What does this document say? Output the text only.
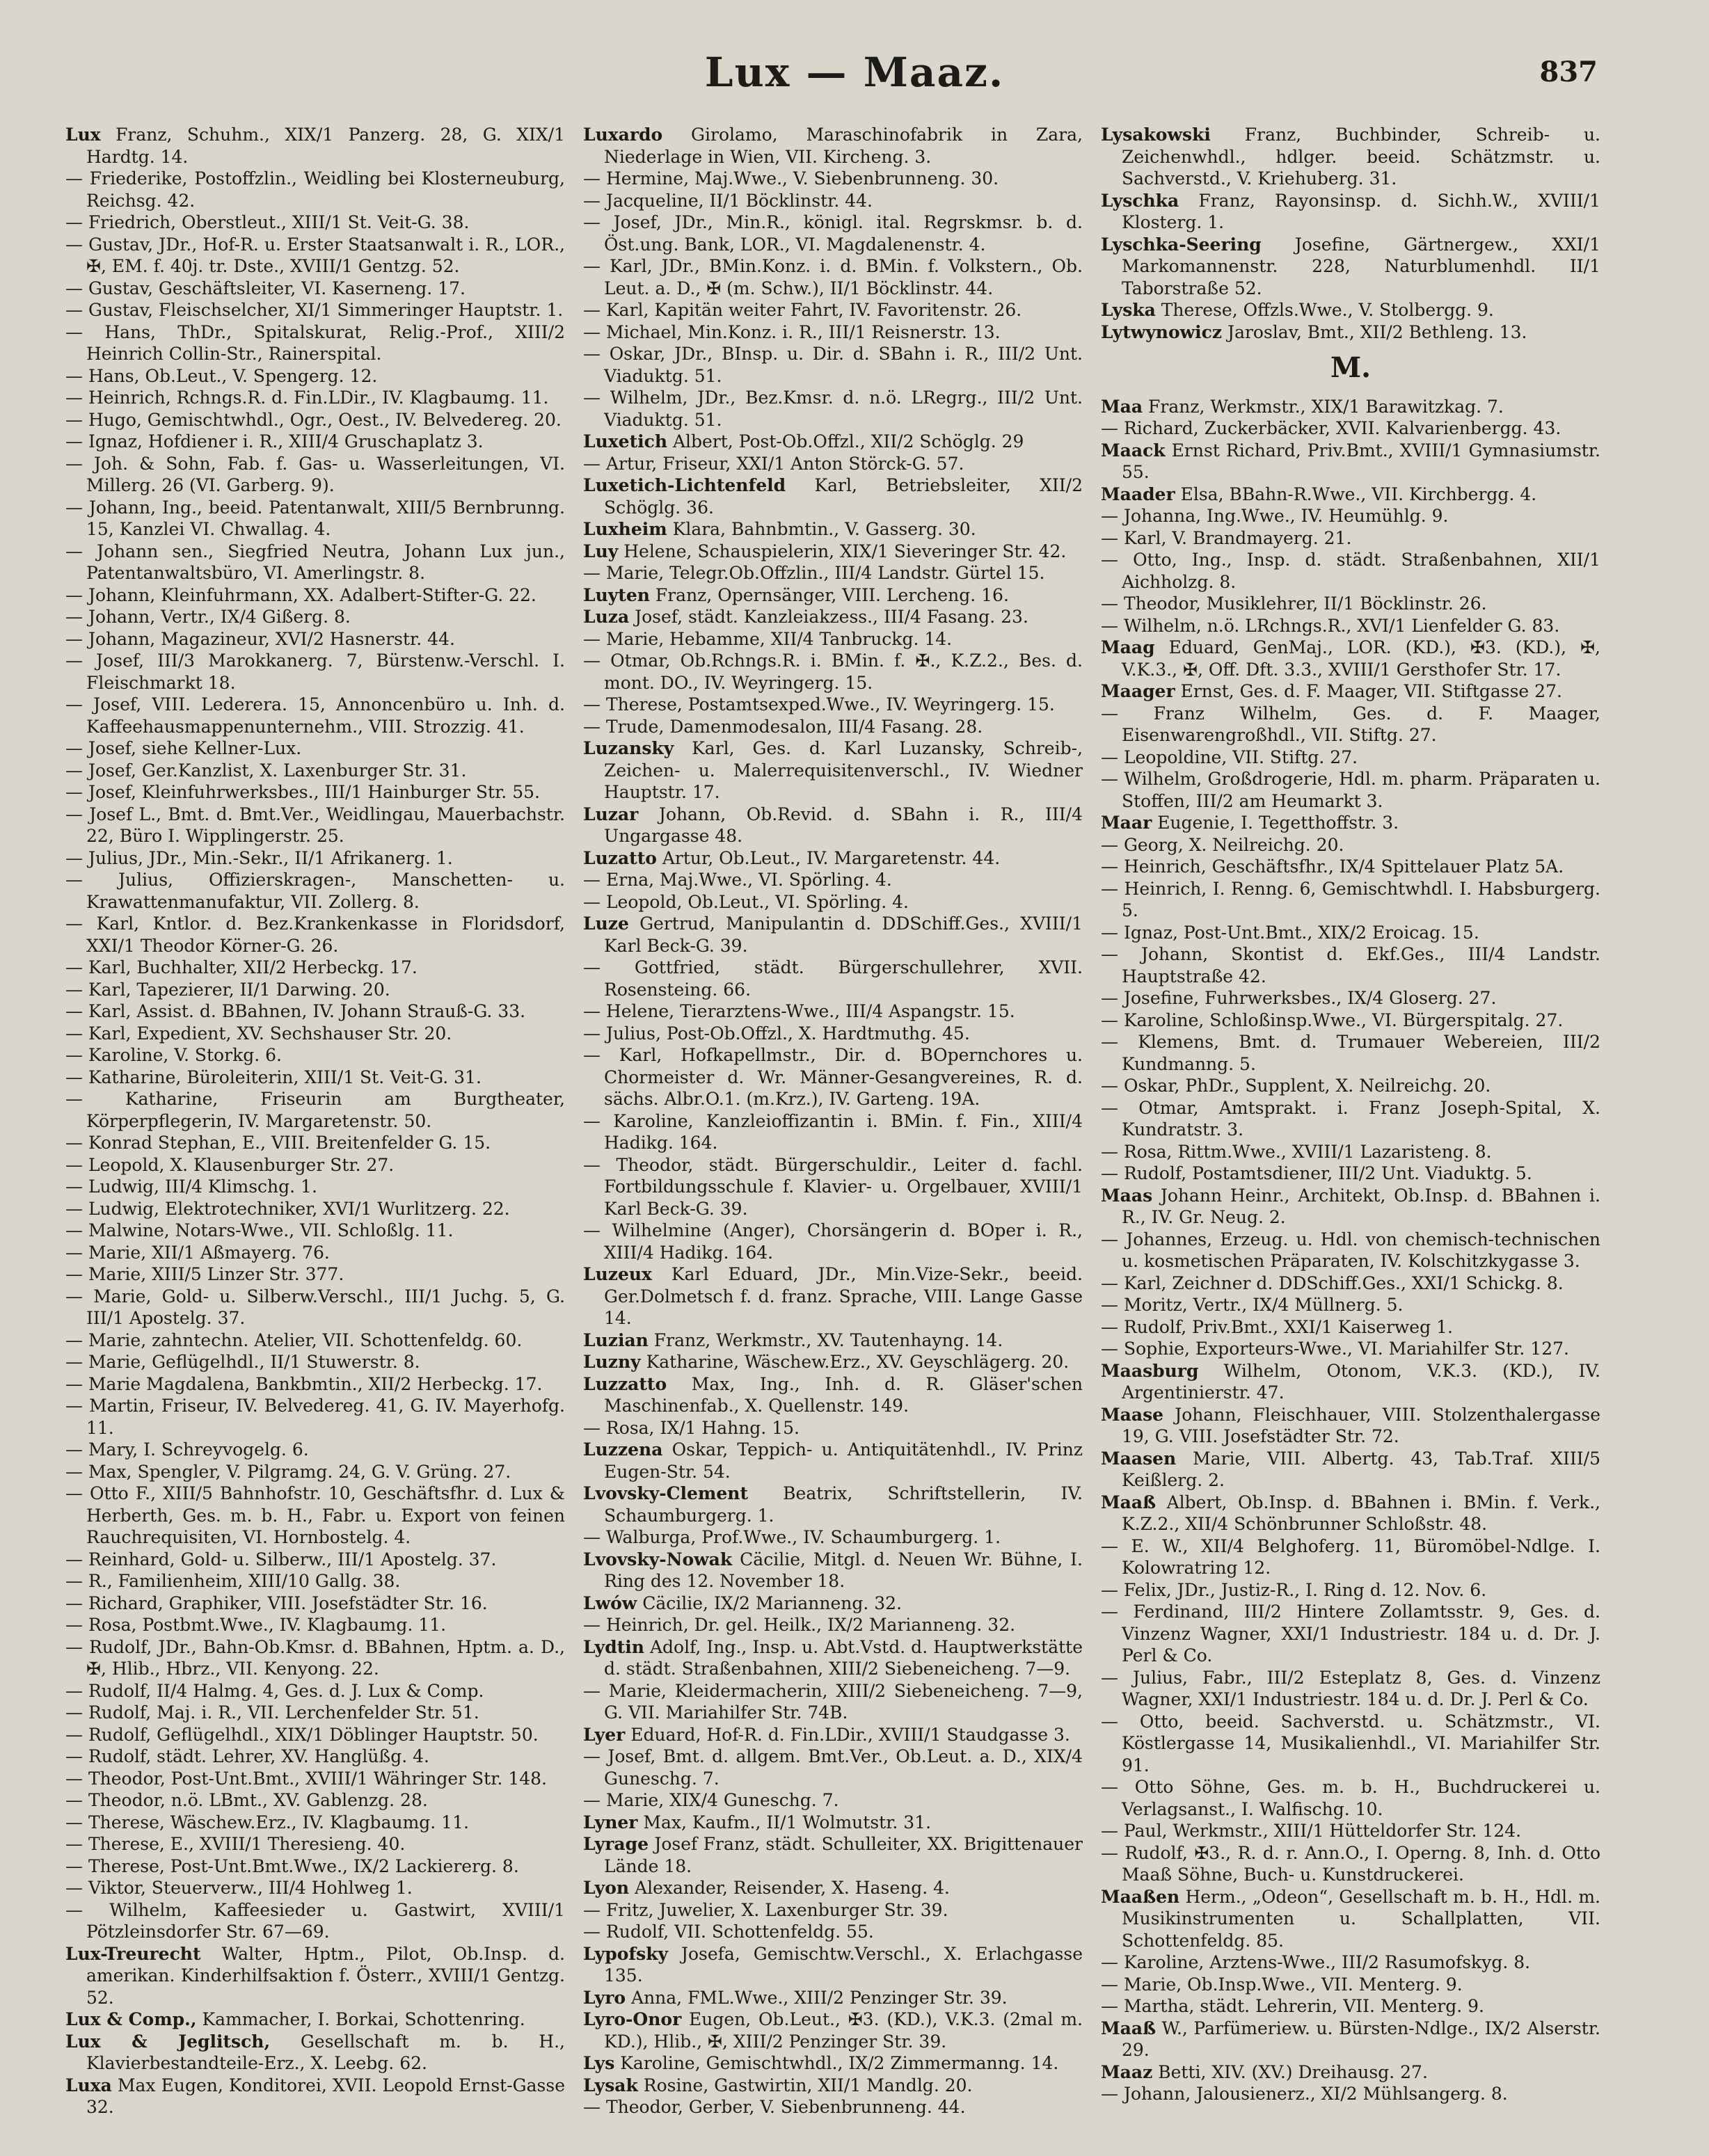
Lux — Maaz.	837

Lux Franz, Schuhm., XIX/1 Panzerg. 28, G. XIX/1 Hardtg. 14.

— Friederike, Postoffzlin., Weidling bei Klosterneuburg, Reichsg. 42.

— Friedrich, Oberstleut., XIII/1 St. Veit-G. 38.

— Gustav, JDr., Hof-R. u. Erster Staatsanwalt i. R., LOR., ✠, EM. f. 40j. tr. Dste., XVIII/1 Gentzg. 52.

— Gustav, Geschäftsleiter, VI. Kaserneng. 17.

— Gustav, Fleischselcher, XI/1 Simmeringer Hauptstr. 1.

— Hans, ThDr., Spitalskurat, Relig.-Prof., XIII/2 Heinrich Collin-Str., Rainerspital.

— Hans, Ob.Leut., V. Spengerg. 12.

— Heinrich, Rchngs.R. d. Fin.LDir., IV. Klagbaumg. 11.

— Hugo, Gemischtwhdl., Ogr., Oest., IV. Belvedereg. 20.

— Ignaz, Hofdiener i. R., XIII/4 Gruschaplatz 3.

— Joh. & Sohn, Fab. f. Gas- u. Wasserleitungen, VI. Millerg. 26 (VI. Garberg. 9).

— Johann, Ing., beeid. Patentanwalt, XIII/5 Bernbrunng. 15, Kanzlei VI. Chwallag. 4.

— Johann sen., Siegfried Neutra, Johann Lux jun., Patentanwaltsbüro, VI. Amerlingstr. 8.

— Johann, Kleinfuhrmann, XX. Adalbert-Stifter-G. 22.

— Johann, Vertr., IX/4 Gißerg. 8.

— Johann, Magazineur, XVI/2 Hasnerstr. 44.

— Josef, III/3 Marokkanerg. 7, Bürstenw.-Verschl. I. Fleischmarkt 18.

— Josef, VIII. Lederera. 15, Annoncenbüro u. Inh. d. Kaffeehausmappenunternehm., VIII. Strozzig. 41.

— Josef, siehe Kellner-Lux.

— Josef, Ger.Kanzlist, X. Laxenburger Str. 31.

— Josef, Kleinfuhrwerksbes., III/1 Hainburger Str. 55.

— Josef L., Bmt. d. Bmt.Ver., Weidlingau, Mauerbachstr. 22, Büro I. Wipplingerstr. 25.

— Julius, JDr., Min.-Sekr., II/1 Afrikanerg. 1.

— Julius, Offizierskragen-, Manschetten- u. Krawattenmanufaktur, VII. Zollerg. 8.

— Karl, Kntlor. d. Bez.Krankenkasse in Floridsdorf, XXI/1 Theodor Körner-G. 26.

— Karl, Buchhalter, XII/2 Herbeckg. 17.

— Karl, Tapezierer, II/1 Darwing. 20.

— Karl, Assist. d. BBahnen, IV. Johann Strauß-G. 33.

— Karl, Expedient, XV. Sechshauser Str. 20.

— Karoline, V. Storkg. 6.

— Katharine, Büroleiterin, XIII/1 St. Veit-G. 31.

— Katharine, Friseurin am Burgtheater, Körperpflegerin, IV. Margaretenstr. 50.

— Konrad Stephan, E., VIII. Breitenfelder G. 15.

— Leopold, X. Klausenburger Str. 27.

— Ludwig, III/4 Klimschg. 1.

— Ludwig, Elektrotechniker, XVI/1 Wurlitzerg. 22.

— Malwine, Notars-Wwe., VII. Schloßlg. 11.

— Marie, XII/1 Aßmayerg. 76.

— Marie, XIII/5 Linzer Str. 377.

— Marie, Gold- u. Silberw.Verschl., III/1 Juchg. 5, G. III/1 Apostelg. 37.

— Marie, zahntechn. Atelier, VII. Schottenfeldg. 60.

— Marie, Geflügelhdl., II/1 Stuwerstr. 8.

— Marie Magdalena, Bankbmtin., XII/2 Herbeckg. 17.

— Martin, Friseur, IV. Belvedereg. 41, G. IV. Mayerhofg. 11.

— Mary, I. Schreyvogelg. 6.

— Max, Spengler, V. Pilgramg. 24, G. V. Grüng. 27.

— Otto F., XIII/5 Bahnhofstr. 10, Geschäftsfhr. d. Lux & Herberth, Ges. m. b. H., Fabr. u. Export von feinen Rauchrequisiten, VI. Hornbostelg. 4.

— Reinhard, Gold- u. Silberw., III/1 Apostelg. 37.

— R., Familienheim, XIII/10 Gallg. 38.

— Richard, Graphiker, VIII. Josefstädter Str. 16.

— Rosa, Postbmt.Wwe., IV. Klagbaumg. 11.

— Rudolf, JDr., Bahn-Ob.Kmsr. d. BBahnen, Hptm. a. D., ✠, Hlib., Hbrz., VII. Kenyong. 22.

— Rudolf, II/4 Halmg. 4, Ges. d. J. Lux & Comp.

— Rudolf, Maj. i. R., VII. Lerchenfelder Str. 51.

— Rudolf, Geflügelhdl., XIX/1 Döblinger Hauptstr. 50.

— Rudolf, städt. Lehrer, XV. Hanglüßg. 4.

— Theodor, Post-Unt.Bmt., XVIII/1 Währinger Str. 148.

— Theodor, n.ö. LBmt., XV. Gablenzg. 28.

— Therese, Wäschew.Erz., IV. Klagbaumg. 11.

— Therese, E., XVIII/1 Theresieng. 40.

— Therese, Post-Unt.Bmt.Wwe., IX/2 Lackiererg. 8.

— Viktor, Steuerverw., III/4 Hohlweg 1.

— Wilhelm, Kaffeesieder u. Gastwirt, XVIII/1 Pötzleinsdorfer Str. 67—69.

Lux-Treurecht Walter, Hptm., Pilot, Ob.Insp. d. amerikan. Kinderhilfsaktion f. Österr., XVIII/1 Gentzg. 52.

Lux & Comp., Kammacher, I. Borkai, Schottenring.

Lux & Jeglitsch, Gesellschaft m. b. H., Klavierbestandteile-Erz., X. Leebg. 62.

Luxa Max Eugen, Konditorei, XVII. Leopold Ernst-Gasse 32.

Luxardo Girolamo, Maraschinofabrik in Zara, Niederlage in Wien, VII. Kircheng. 3.

— Hermine, Maj.Wwe., V. Siebenbrunneng. 30.

— Jacqueline, II/1 Böcklinstr. 44.

— Josef, JDr., Min.R., königl. ital. Regrskmsr. b. d. Öst.ung. Bank, LOR., VI. Magdalenenstr. 4.

— Karl, JDr., BMin.Konz. i. d. BMin. f. Volkstern., Ob. Leut. a. D., ✠ (m. Schw.), II/1 Böcklinstr. 44.

— Karl, Kapitän weiter Fahrt, IV. Favoritenstr. 26.

— Michael, Min.Konz. i. R., III/1 Reisnerstr. 13.

— Oskar, JDr., BInsp. u. Dir. d. SBahn i. R., III/2 Unt. Viaduktg. 51.

— Wilhelm, JDr., Bez.Kmsr. d. n.ö. LRegrg., III/2 Unt. Viaduktg. 51.

Luxetich Albert, Post-Ob.Offzl., XII/2 Schöglg. 29

— Artur, Friseur, XXI/1 Anton Störck-G. 57.

Luxetich-Lichtenfeld Karl, Betriebsleiter, XII/2 Schöglg. 36.

Luxheim Klara, Bahnbmtin., V. Gasserg. 30.

Luy Helene, Schauspielerin, XIX/1 Sieveringer Str. 42.

— Marie, Telegr.Ob.Offzlin., III/4 Landstr. Gürtel 15.

Luyten Franz, Opernsänger, VIII. Lercheng. 16.

Luza Josef, städt. Kanzleiakzess., III/4 Fasang. 23.

— Marie, Hebamme, XII/4 Tanbruckg. 14.

— Otmar, Ob.Rchngs.R. i. BMin. f. ✠., K.Z.2., Bes. d. mont. DO., IV. Weyringerg. 15.

— Therese, Postamtsexped.Wwe., IV. Weyringerg. 15.

— Trude, Damenmodesalon, III/4 Fasang. 28.

Luzansky Karl, Ges. d. Karl Luzansky, Schreib-, Zeichen- u. Malerrequisitenverschl., IV. Wiedner Hauptstr. 17.

Luzar Johann, Ob.Revid. d. SBahn i. R., III/4 Ungargasse 48.

Luzatto Artur, Ob.Leut., IV. Margaretenstr. 44.

— Erna, Maj.Wwe., VI. Spörling. 4.

— Leopold, Ob.Leut., VI. Spörling. 4.

Luze Gertrud, Manipulantin d. DDSchiff.Ges., XVIII/1 Karl Beck-G. 39.

— Gottfried, städt. Bürgerschullehrer, XVII. Rosensteing. 66.

— Helene, Tierarztens-Wwe., III/4 Aspangstr. 15.

— Julius, Post-Ob.Offzl., X. Hardtmuthg. 45.

— Karl, Hofkapellmstr., Dir. d. BOpernchores u. Chormeister d. Wr. Männer-Gesangvereines, R. d. sächs. Albr.O.1. (m.Krz.), IV. Garteng. 19A.

— Karoline, Kanzleioffizantin i. BMin. f. Fin., XIII/4 Hadikg. 164.

— Theodor, städt. Bürgerschuldir., Leiter d. fachl. Fortbildungsschule f. Klavier- u. Orgelbauer, XVIII/1 Karl Beck-G. 39.

— Wilhelmine (Anger), Chorsängerin d. BOper i. R., XIII/4 Hadikg. 164.

Luzeux Karl Eduard, JDr., Min.Vize-Sekr., beeid. Ger.Dolmetsch f. d. franz. Sprache, VIII. Lange Gasse 14.

Luzian Franz, Werkmstr., XV. Tautenhayng. 14.

Luzny Katharine, Wäschew.Erz., XV. Geyschlägerg. 20.

Luzzatto Max, Ing., Inh. d. R. Gläser'schen Maschinenfab., X. Quellenstr. 149.

— Rosa, IX/1 Hahng. 15.

Luzzena Oskar, Teppich- u. Antiquitätenhdl., IV. Prinz Eugen-Str. 54.

Lvovsky-Clement Beatrix, Schriftstellerin, IV. Schaumburgerg. 1.

— Walburga, Prof.Wwe., IV. Schaumburgerg. 1.

Lvovsky-Nowak Cäcilie, Mitgl. d. Neuen Wr. Bühne, I. Ring des 12. November 18.

Lwów Cäcilie, IX/2 Marianneng. 32.

— Heinrich, Dr. gel. Heilk., IX/2 Marianneng. 32.

Lydtin Adolf, Ing., Insp. u. Abt.Vstd. d. Hauptwerkstätte d. städt. Straßenbahnen, XIII/2 Siebeneicheng. 7—9.

— Marie, Kleidermacherin, XIII/2 Siebeneicheng. 7—9, G. VII. Mariahilfer Str. 74B.

Lyer Eduard, Hof-R. d. Fin.LDir., XVIII/1 Staudgasse 3.

— Josef, Bmt. d. allgem. Bmt.Ver., Ob.Leut. a. D., XIX/4 Guneschg. 7.

— Marie, XIX/4 Guneschg. 7.

Lyner Max, Kaufm., II/1 Wolmutstr. 31.

Lyrage Josef Franz, städt. Schulleiter, XX. Brigittenauer Lände 18.

Lyon Alexander, Reisender, X. Haseng. 4.

— Fritz, Juwelier, X. Laxenburger Str. 39.

— Rudolf, VII. Schottenfeldg. 55.

Lypofsky Josefa, Gemischtw.Verschl., X. Erlachgasse 135.

Lyro Anna, FML.Wwe., XIII/2 Penzinger Str. 39.

Lyro-Onor Eugen, Ob.Leut., ✠3. (KD.), V.K.3. (2mal m. KD.), Hlib., ✠, XIII/2 Penzinger Str. 39.

Lys Karoline, Gemischtwhdl., IX/2 Zimmermanng. 14.

Lysak Rosine, Gastwirtin, XII/1 Mandlg. 20.

— Theodor, Gerber, V. Siebenbrunneng. 44.

Lysakowski Franz, Buchbinder, Schreib- u. Zeichenwhdl., hdlger. beeid. Schätzmstr. u. Sachverstd., V. Kriehuberg. 31.

Lyschka Franz, Rayonsinsp. d. Sichh.W., XVIII/1 Klosterg. 1.

Lyschka-Seering Josefine, Gärtnergew., XXI/1 Markomannenstr. 228, Naturblumenhdl. II/1 Taborstraße 52.

Lyska Therese, Offzls.Wwe., V. Stolbergg. 9.

Lytwynowicz Jaroslav, Bmt., XII/2 Bethleng. 13.

M.

Maa Franz, Werkmstr., XIX/1 Barawitzkag. 7.

— Richard, Zuckerbäcker, XVII. Kalvarienbergg. 43.

Maack Ernst Richard, Priv.Bmt., XVIII/1 Gymnasiumstr. 55.

Maader Elsa, BBahn-R.Wwe., VII. Kirchbergg. 4.

— Johanna, Ing.Wwe., IV. Heumühlg. 9.

— Karl, V. Brandmayerg. 21.

— Otto, Ing., Insp. d. städt. Straßenbahnen, XII/1 Aichholzg. 8.

— Theodor, Musiklehrer, II/1 Böcklinstr. 26.

— Wilhelm, n.ö. LRchngs.R., XVI/1 Lienfelder G. 83.

Maag Eduard, GenMaj., LOR. (KD.), ✠3. (KD.), ✠, V.K.3., ✠, Off. Dft. 3.3., XVIII/1 Gersthofer Str. 17.

Maager Ernst, Ges. d. F. Maager, VII. Stiftgasse 27.

— Franz Wilhelm, Ges. d. F. Maager, Eisenwarengroßhdl., VII. Stiftg. 27.

— Leopoldine, VII. Stiftg. 27.

— Wilhelm, Großdrogerie, Hdl. m. pharm. Präparaten u. Stoffen, III/2 am Heumarkt 3.

Maar Eugenie, I. Tegetthoffstr. 3.

— Georg, X. Neilreichg. 20.

— Heinrich, Geschäftsfhr., IX/4 Spittelauer Platz 5A.

— Heinrich, I. Renng. 6, Gemischtwhdl. I. Habsburgerg. 5.

— Ignaz, Post-Unt.Bmt., XIX/2 Eroicag. 15.

— Johann, Skontist d. Ekf.Ges., III/4 Landstr. Hauptstraße 42.

— Josefine, Fuhrwerksbes., IX/4 Gloserg. 27.

— Karoline, Schloßinsp.Wwe., VI. Bürgerspitalg. 27.

— Klemens, Bmt. d. Trumauer Webereien, III/2 Kundmanng. 5.

— Oskar, PhDr., Supplent, X. Neilreichg. 20.

— Otmar, Amtsprakt. i. Franz Joseph-Spital, X. Kundratstr. 3.

— Rosa, Rittm.Wwe., XVIII/1 Lazaristeng. 8.

— Rudolf, Postamtsdiener, III/2 Unt. Viaduktg. 5.

Maas Johann Heinr., Architekt, Ob.Insp. d. BBahnen i. R., IV. Gr. Neug. 2.

— Johannes, Erzeug. u. Hdl. von chemisch-technischen u. kosmetischen Präparaten, IV. Kolschitzkygasse 3.

— Karl, Zeichner d. DDSchiff.Ges., XXI/1 Schickg. 8.

— Moritz, Vertr., IX/4 Müllnerg. 5.

— Rudolf, Priv.Bmt., XXI/1 Kaiserweg 1.

— Sophie, Exporteurs-Wwe., VI. Mariahilfer Str. 127.

Maasburg Wilhelm, Otonom, V.K.3. (KD.), IV. Argentinierstr. 47.

Maase Johann, Fleischhauer, VIII. Stolzenthalergasse 19, G. VIII. Josefstädter Str. 72.

Maasen Marie, VIII. Albertg. 43, Tab.Traf. XIII/5 Keißlerg. 2.

Maaß Albert, Ob.Insp. d. BBahnen i. BMin. f. Verk., K.Z.2., XII/4 Schönbrunner Schloßstr. 48.

— E. W., XII/4 Belghoferg. 11, Büromöbel-Ndlge. I. Kolowratring 12.

— Felix, JDr., Justiz-R., I. Ring d. 12. Nov. 6.

— Ferdinand, III/2 Hintere Zollamtsstr. 9, Ges. d. Vinzenz Wagner, XXI/1 Industriestr. 184 u. d. Dr. J. Perl & Co.

— Julius, Fabr., III/2 Esteplatz 8, Ges. d. Vinzenz Wagner, XXI/1 Industriestr. 184 u. d. Dr. J. Perl & Co.

— Otto, beeid. Sachverstd. u. Schätzmstr., VI. Köstlergasse 14, Musikalienhdl., VI. Mariahilfer Str. 91.

— Otto Söhne, Ges. m. b. H., Buchdruckerei u. Verlagsanst., I. Walfischg. 10.

— Paul, Werkmstr., XIII/1 Hütteldorfer Str. 124.

— Rudolf, ✠3., R. d. r. Ann.O., I. Operng. 8, Inh. d. Otto Maaß Söhne, Buch- u. Kunstdruckerei.

Maaßen Herm., „Odeon“, Gesellschaft m. b. H., Hdl. m. Musikinstrumenten u. Schallplatten, VII. Schottenfeldg. 85.

— Karoline, Arztens-Wwe., III/2 Rasumofskyg. 8.

— Marie, Ob.Insp.Wwe., VII. Menterg. 9.

— Martha, städt. Lehrerin, VII. Menterg. 9.

Maaß W., Parfümeriew. u. Bürsten-Ndlge., IX/2 Alserstr. 29.

Maaz Betti, XIV. (XV.) Dreihausg. 27.

— Johann, Jalousienerz., XI/2 Mühlsangerg. 8.
